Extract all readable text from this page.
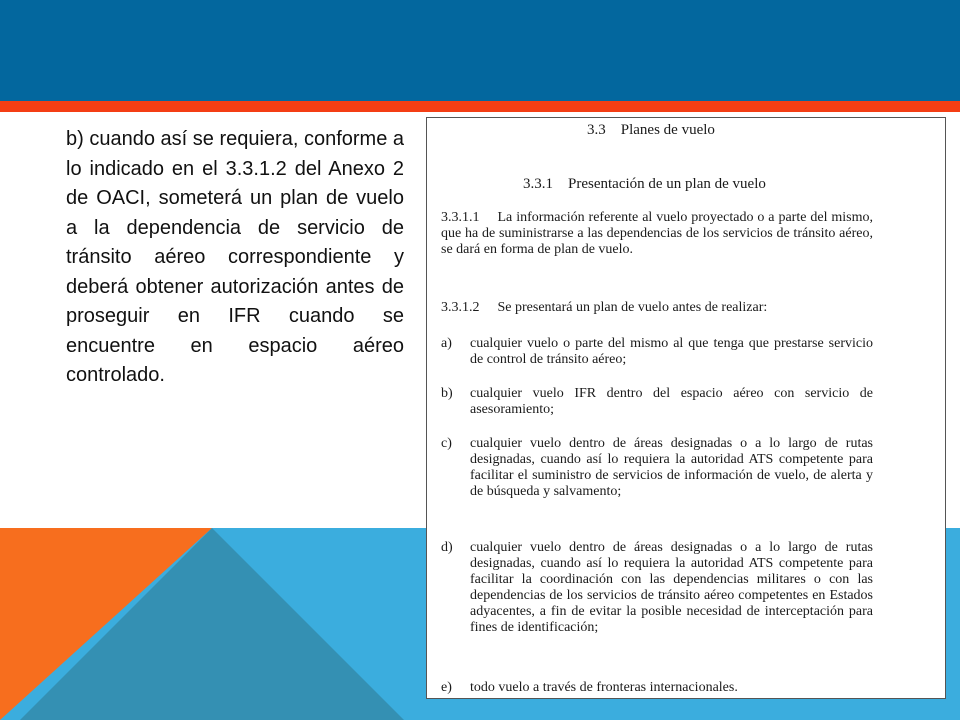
b) cuando así se requiera, conforme a lo indicado en el 3.3.1.2 del Anexo 2 de OACI, someterá un plan de vuelo a la dependencia de servicio de tránsito aéreo correspondiente y deberá obtener autorización antes de proseguir en IFR cuando se encuentre en espacio aéreo controlado.

3.3 Planes de vuelo
3.3.1 Presentación de un plan de vuelo
3.3.1.1 La información referente al vuelo proyectado o a parte del mismo, que ha de suministrarse a las dependencias de los servicios de tránsito aéreo, se dará en forma de plan de vuelo.
3.3.1.2 Se presentará un plan de vuelo antes de realizar:
a) cualquier vuelo o parte del mismo al que tenga que prestarse servicio de control de tránsito aéreo;
b) cualquier vuelo IFR dentro del espacio aéreo con servicio de asesoramiento;
c) cualquier vuelo dentro de áreas designadas o a lo largo de rutas designadas, cuando así lo requiera la autoridad ATS competente para facilitar el suministro de servicios de información de vuelo, de alerta y de búsqueda y salvamento;
d) cualquier vuelo dentro de áreas designadas o a lo largo de rutas designadas, cuando así lo requiera la autoridad ATS competente para facilitar la coordinación con las dependencias militares o con las dependencias de los servicios de tránsito aéreo competentes en Estados adyacentes, a fin de evitar la posible necesidad de interceptación para fines de identificación;
e) todo vuelo a través de fronteras internacionales.
